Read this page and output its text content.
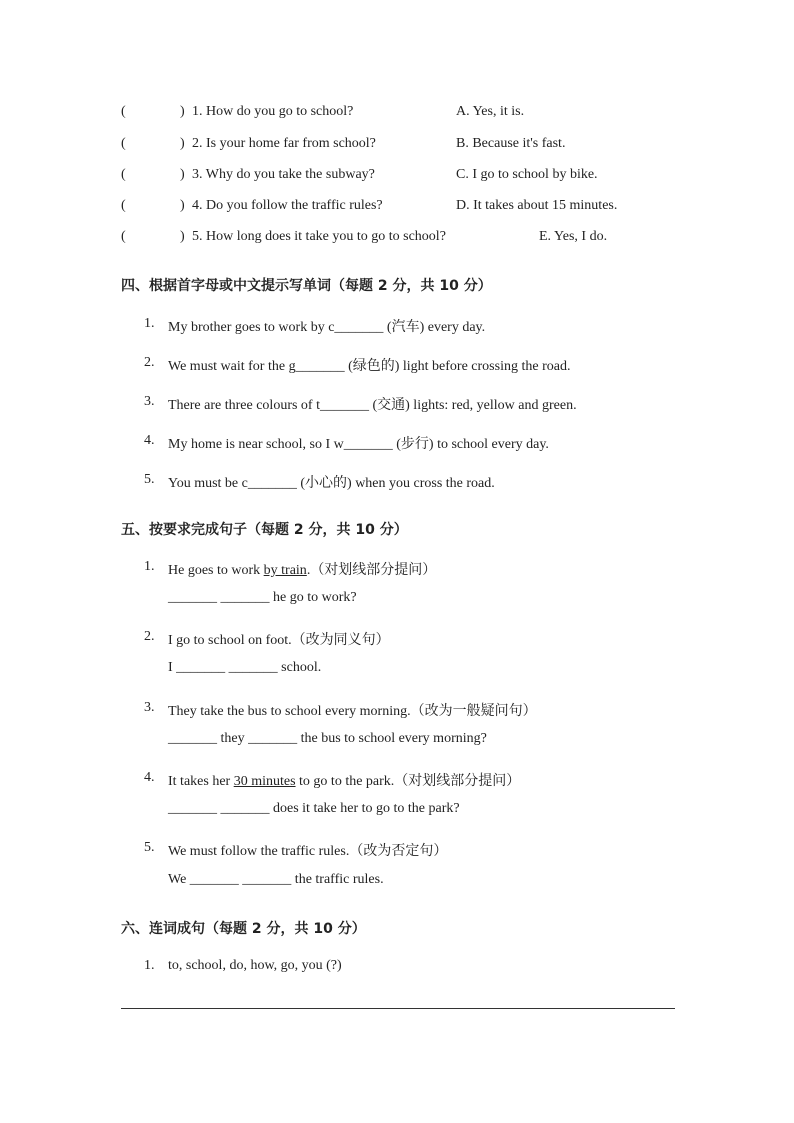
(	) 1. How do you go to school?	A. Yes, it is.
(	) 2. Is your home far from school?	B. Because it's fast.
(	) 3. Why do you take the subway?	C. I go to school by bike.
(	) 4. Do you follow the traffic rules?	D. It takes about 15 minutes.
(	) 5. How long does it take you to go to school?	E. Yes, I do.
四、根据首字母或中文提示写单词（每题 2 分，共 10 分）
1. My brother goes to work by c_______ (汽车) every day.
2. We must wait for the g_______ (绿色的) light before crossing the road.
3. There are three colours of t_______ (交通) lights: red, yellow and green.
4. My home is near school, so I w_______ (步行) to school every day.
5. You must be c_______ (小心的) when you cross the road.
五、按要求完成句子（每题 2 分，共 10 分）
1. He goes to work by train.（对划线部分提问）
_______ _______ he go to work?
2. I go to school on foot.（改为同义句）
I _______ _______ school.
3. They take the bus to school every morning.（改为一般疑问句）
_______ they _______ the bus to school every morning?
4. It takes her 30 minutes to go to the park.（对划线部分提问）
_______ _______ does it take her to go to the park?
5. We must follow the traffic rules.（改为否定句）
We _______ _______ the traffic rules.
六、连词成句（每题 2 分，共 10 分）
1. to, school, do, how, go, you (?)
